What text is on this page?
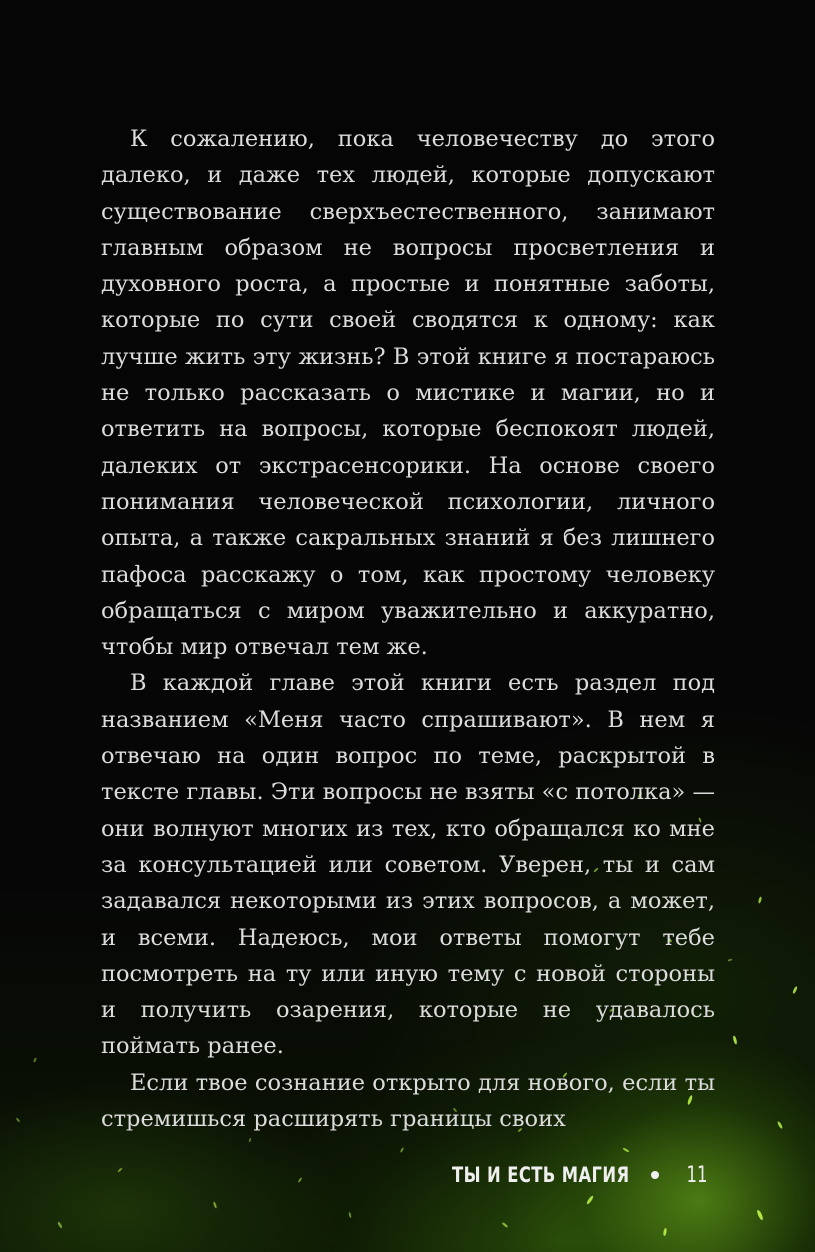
К сожалению, пока человечеству до этого далеко, и даже тех людей, которые допускают существование сверхъестественного, занимают главным образом не вопросы просветления и духовного роста, а простые и понятные заботы, которые по сути своей сводятся к одному: как лучше жить эту жизнь? В этой книге я постараюсь не только рассказать о мистике и магии, но и ответить на вопросы, которые беспокоят людей, далеких от экстрасенсорики. На основе своего понимания человеческой психологии, личного опыта, а также сакральных знаний я без лишнего пафоса расскажу о том, как простому человеку обращаться с миром уважительно и аккуратно, чтобы мир отвечал тем же.

В каждой главе этой книги есть раздел под названием «Меня часто спрашивают». В нем я отвечаю на один вопрос по теме, раскрытой в тексте главы. Эти вопросы не взяты «с потолка» — они волнуют многих из тех, кто обращался ко мне за консультацией или советом. Уверен, ты и сам задавался некоторыми из этих вопросов, а может, и всеми. Надеюсь, мои ответы помогут тебе посмотреть на ту или иную тему с новой стороны и получить озарения, которые не удавалось поймать ранее.

Если твое сознание открыто для нового, если ты стремишься расширять границы своих

ТЫ И ЕСТЬ МАГИЯ	11
